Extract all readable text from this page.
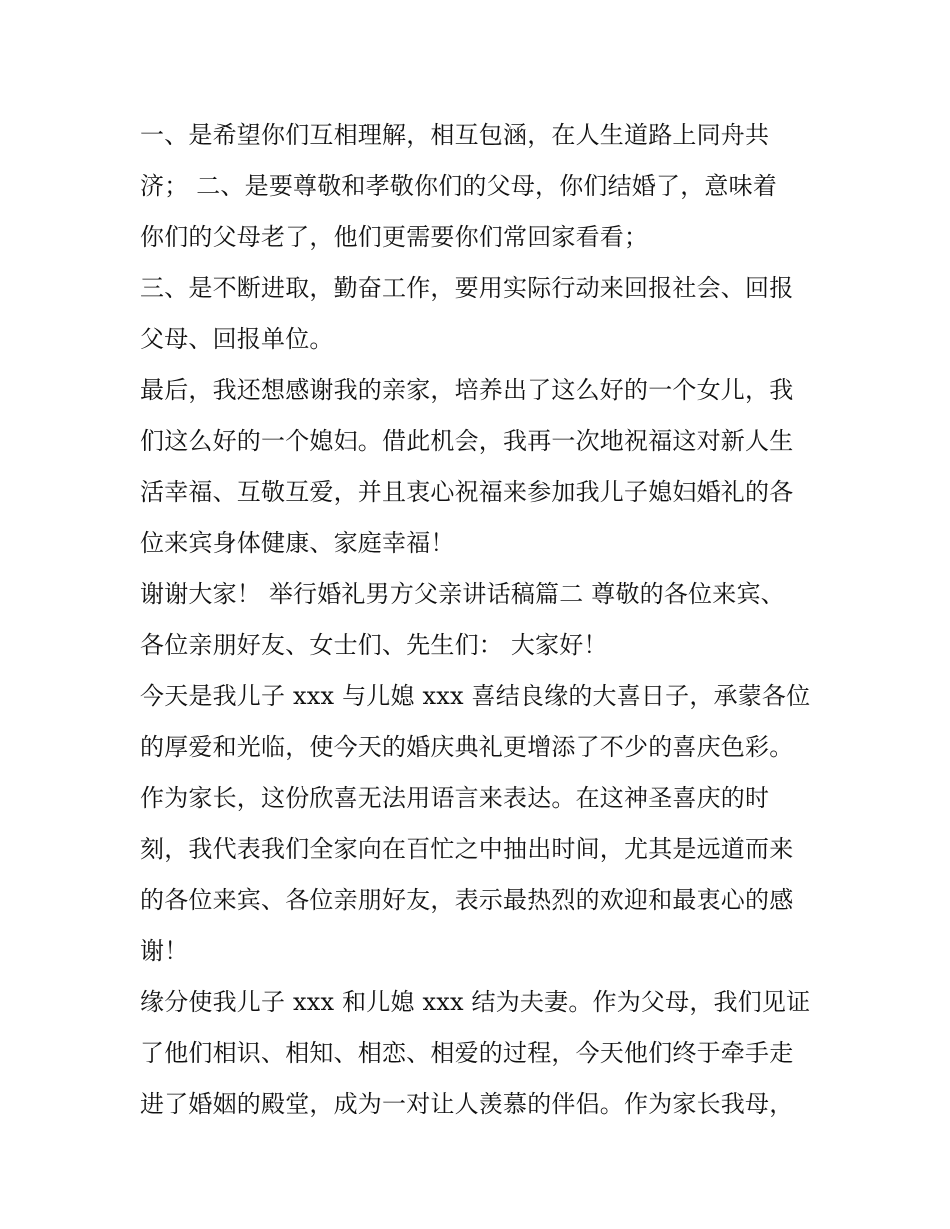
一、是希望你们互相理解，相互包涵，在人生道路上同舟共
济； 二、是要尊敬和孝敬你们的父母，你们结婚了，意味着
你们的父母老了，他们更需要你们常回家看看；
三、是不断进取，勤奋工作，要用实际行动来回报社会、回报
父母、回报单位。
最后，我还想感谢我的亲家，培养出了这么好的一个女儿，我
们这么好的一个媳妇。借此机会，我再一次地祝福这对新人生
活幸福、互敬互爱，并且衷心祝福来参加我儿子媳妇婚礼的各
位来宾身体健康、家庭幸福！
谢谢大家！ 举行婚礼男方父亲讲话稿篇二 尊敬的各位来宾、
各位亲朋好友、女士们、先生们： 大家好！
今天是我儿子 xxx 与儿媳 xxx 喜结良缘的大喜日子，承蒙各位
的厚爱和光临，使今天的婚庆典礼更增添了不少的喜庆色彩。
作为家长，这份欣喜无法用语言来表达。在这神圣喜庆的时
刻，我代表我们全家向在百忙之中抽出时间，尤其是远道而来
的各位来宾、各位亲朋好友，表示最热烈的欢迎和最衷心的感
谢！
缘分使我儿子 xxx 和儿媳 xxx 结为夫妻。作为父母，我们见证
了他们相识、相知、相恋、相爱的过程，今天他们终于牵手走
进了婚姻的殿堂，成为一对让人羡慕的伴侣。作为家长我母，
